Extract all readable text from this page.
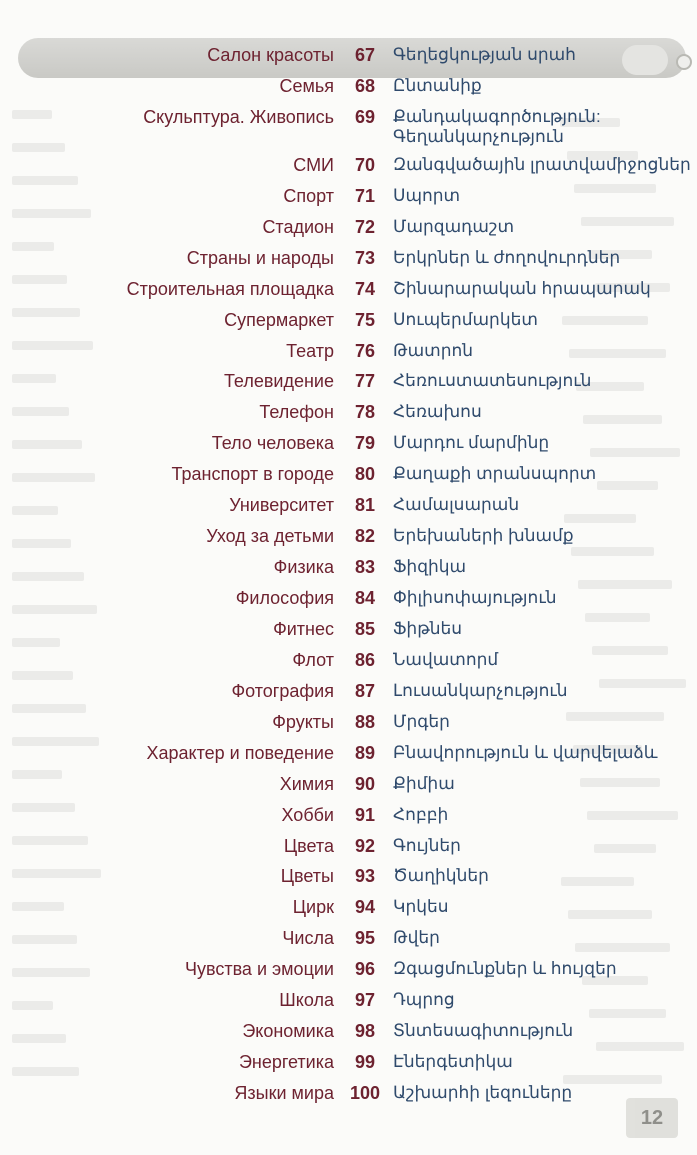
Салон красоты	67	Գեղեցկության սրահ
Семья	68	Ընտանիք
Скульптура. Живопись	69	Քանդակագործություն:
Գեղանկարչություն
СМИ	70	Զանգվածային լրատվամիջոցներ
Спорт	71	Սպորտ
Стадион	72	Մարզադաշտ
Страны и народы	73	Երկրներ և ժողովուրդներ
Строительная площадка	74	Շինարարական հրապարակ
Супермаркет	75	Սուպերմարկետ
Театр	76	Թատրոն
Телевидение	77	Հեռուստատեսություն
Телефон	78	Հեռախոս
Тело человека	79	Մարդու մարմինը
Транспорт в городе	80	Քաղաքի տրանսպորտ
Университет	81	Համալսարան
Уход за детьми	82	Երեխաների խնամք
Физика	83	Ֆիզիկա
Философия	84	Փիլիսոփայություն
Фитнес	85	Ֆիթնես
Флот	86	Նավատորմ
Фотография	87	Լուսանկարչություն
Фрукты	88	Մրգեր
Характер и поведение	89	Բնավորություն և վարվելաձև
Химия	90	Քիմիա
Хобби	91	Հոբբի
Цвета	92	Գույներ
Цветы	93	Ծաղիկներ
Цирк	94	Կրկես
Числа	95	Թվեր
Чувства и эмоции	96	Զգացմունքներ և հույզեր
Школа	97	Դպրոց
Экономика	98	Տնտեսագիտություն
Энергетика	99	Էներգետիկա
Языки мира 100 Աշխարհի լեզուները
12
